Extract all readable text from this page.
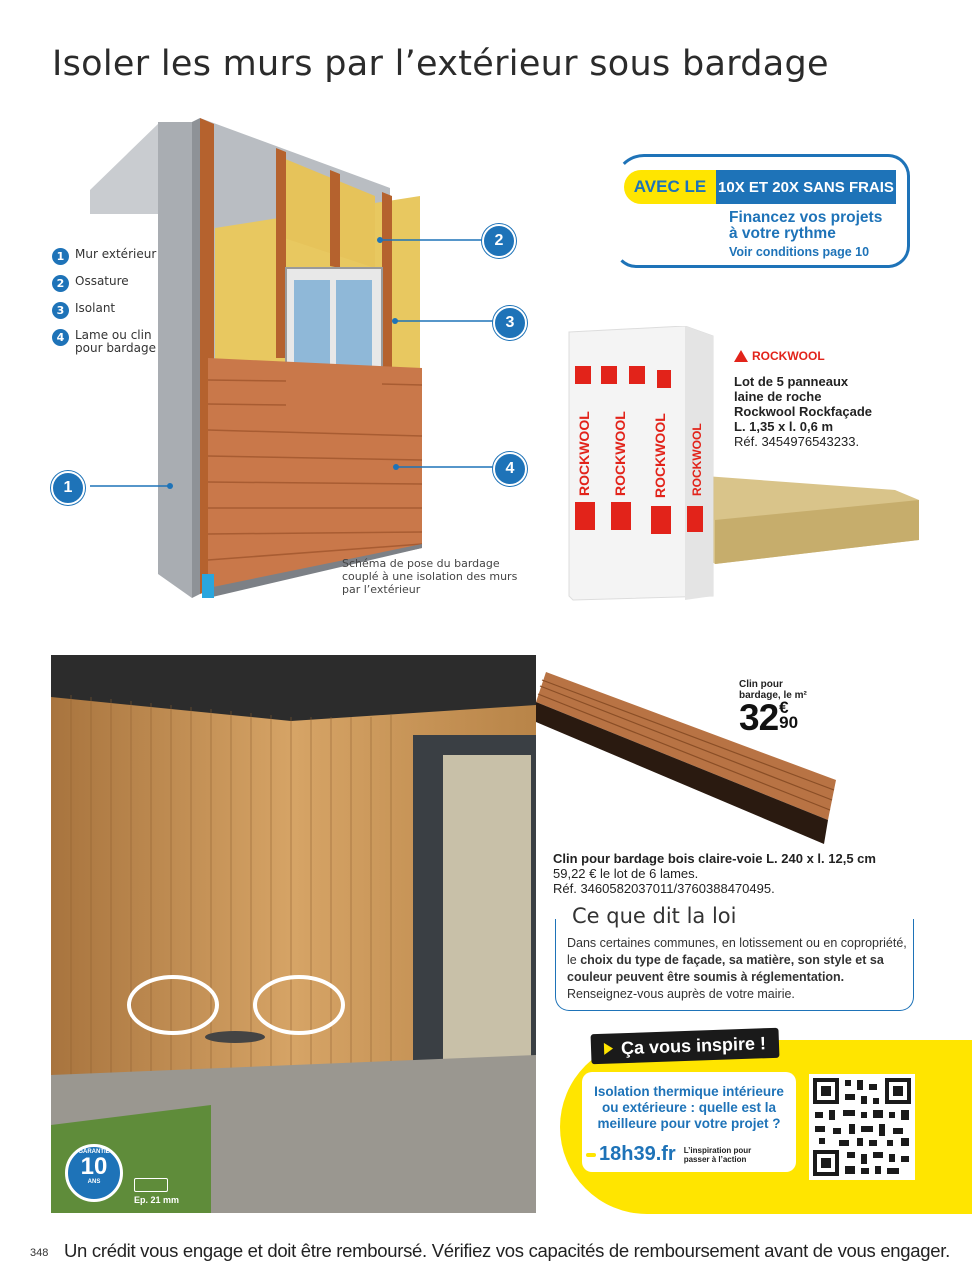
Isoler les murs par l’extérieur sous bardage
1 Mur extérieur
2 Ossature
3 Isolant
4 Lame ou clin pour bardage
2
3
4
1
Schéma de pose du bardage couplé à une isolation des murs par l’extérieur
AVEC LE 10X ET 20X SANS FRAIS
Financez vos projets
à votre rythme
Voir conditions page 10
ROCKWOOL ROCKWOOL ROCKWOOL ROCKWOOL
ROCKWOOL
Lot de 5 panneaux
laine de roche
Rockwool Rockfaçade
L. 1,35 x l. 0,6 m
Réf. 3454976543233.
GARANTIE
10
ANS
Ep. 21 mm
Clin pour
bardage, le m²
32 €
90
Clin pour bardage bois claire-voie L. 240 x l. 12,5 cm
59,22 € le lot de 6 lames.
Réf. 3460582037011/3760388470495.
Ce que dit la loi
Dans certaines communes, en lotissement ou en copropriété, le choix du type de façade, sa matière, son style et sa couleur peuvent être soumis à réglementation. Renseignez-vous auprès de votre mairie.
Ça vous inspire !
Isolation thermique intérieure ou extérieure : quelle est la meilleure pour votre projet ?
18h39.fr L’inspiration pour
passer à l’action
348 Un crédit vous engage et doit être remboursé. Vérifiez vos capacités de remboursement avant de vous engager.
